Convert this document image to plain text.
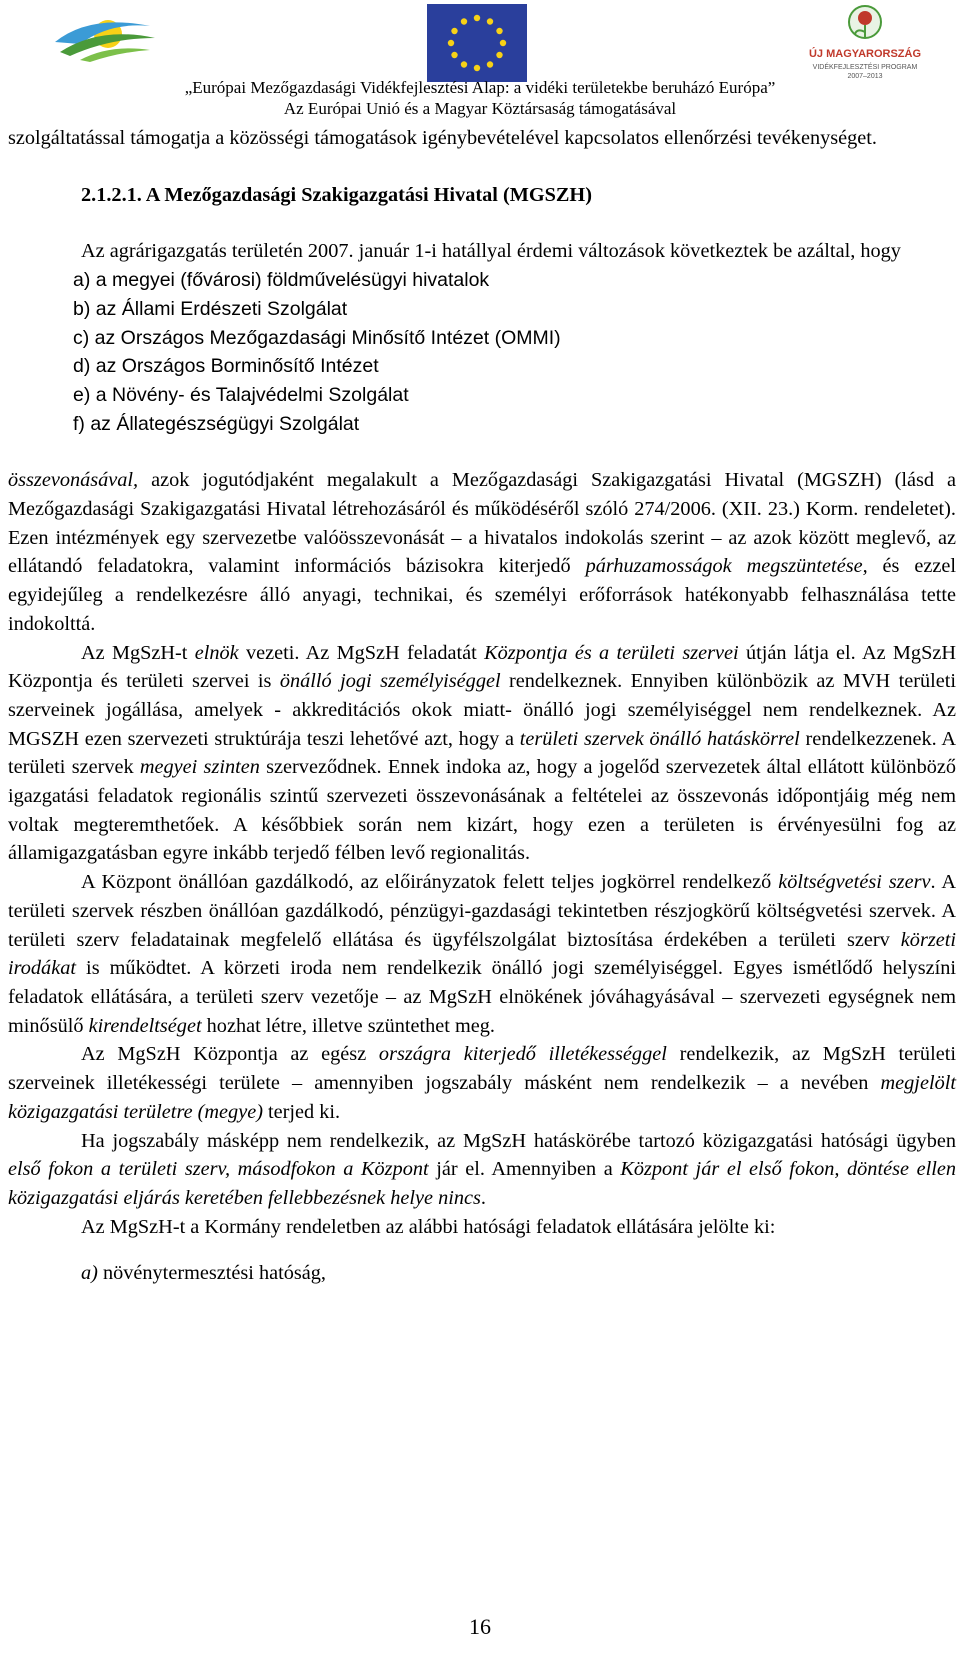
ÚJ MAGYARORSZÁG
VIDÉKFEJLESZTÉSI PROGRAM
2007–2013
„Európai Mezőgazdasági Vidékfejlesztési Alap: a vidéki területekbe beruházó Európa”
Az Európai Unió és a Magyar Köztársaság támogatásával

szolgáltatással támogatja a közösségi támogatások igénybevételével kapcsolatos ellenőrzési tevékenységet.

2.1.2.1. A Mezőgazdasági Szakigazgatási Hivatal (MGSZH)

Az agrárigazgatás területén 2007. január 1-i hatállyal érdemi változások következtek be azáltal, hogy

a) a megyei (fővárosi) földművelésügyi hivatalok
b) az Állami Erdészeti Szolgálat
c) az Országos Mezőgazdasági Minősítő Intézet (OMMI)
d) az Országos Borminősítő Intézet
e) a Növény- és Talajvédelmi Szolgálat
f) az Állategészségügyi Szolgálat

összevonásával, azok jogutódjaként megalakult a Mezőgazdasági Szakigazgatási Hivatal (MGSZH) (lásd a Mezőgazdasági Szakigazgatási Hivatal létrehozásáról és működéséről szóló 274/2006. (XII. 23.) Korm. rendeletet). Ezen intézmények egy szervezetbe valóösszevonását – a hivatalos indokolás szerint – az azok között meglevő, az ellátandó feladatokra, valamint információs bázisokra kiterjedő párhuzamosságok megszüntetése, és ezzel egyidejűleg a rendelkezésre álló anyagi, technikai, és személyi erőforrások hatékonyabb felhasználása tette indokolttá.

Az MgSzH-t elnök vezeti. Az MgSzH feladatát Központja és a területi szervei útján látja el. Az MgSzH Központja és területi szervei is önálló jogi személyiséggel rendelkeznek. Ennyiben különbözik az MVH területi szerveinek jogállása, amelyek - akkreditációs okok miatt- önálló jogi személyiséggel nem rendelkeznek. Az MGSZH ezen szervezeti struktúrája teszi lehetővé azt, hogy a területi szervek önálló hatáskörrel rendelkezzenek. A területi szervek megyei szinten szerveződnek. Ennek indoka az, hogy a jogelőd szervezetek által ellátott különböző igazgatási feladatok regionális szintű szervezeti összevonásának a feltételei az összevonás időpontjáig még nem voltak megteremthetőek. A későbbiek során nem kizárt, hogy ezen a területen is érvényesülni fog az államigazgatásban egyre inkább terjedő félben levő regionalitás.

A Központ önállóan gazdálkodó, az előirányzatok felett teljes jogkörrel rendelkező költségvetési szerv. A területi szervek részben önállóan gazdálkodó, pénzügyi-gazdasági tekintetben részjogkörű költségvetési szervek. A területi szerv feladatainak megfelelő ellátása és ügyfélszolgálat biztosítása érdekében a területi szerv körzeti irodákat is működtet. A körzeti iroda nem rendelkezik önálló jogi személyiséggel. Egyes ismétlődő helyszíni feladatok ellátására, a területi szerv vezetője – az MgSzH elnökének jóváhagyásával – szervezeti egységnek nem minősülő kirendeltséget hozhat létre, illetve szüntethet meg.

Az MgSzH Központja az egész országra kiterjedő illetékességgel rendelkezik, az MgSzH területi szerveinek illetékességi területe – amennyiben jogszabály másként nem rendelkezik – a nevében megjelölt közigazgatási területre (megye) terjed ki.

Ha jogszabály másképp nem rendelkezik, az MgSzH hatáskörébe tartozó közigazgatási hatósági ügyben első fokon a területi szerv, másodfokon a Központ jár el. Amennyiben a Központ jár el első fokon, döntése ellen közigazgatási eljárás keretében fellebbezésnek helye nincs.

Az MgSzH-t a Kormány rendeletben az alábbi hatósági feladatok ellátására jelölte ki:

a) növénytermesztési hatóság,

16
